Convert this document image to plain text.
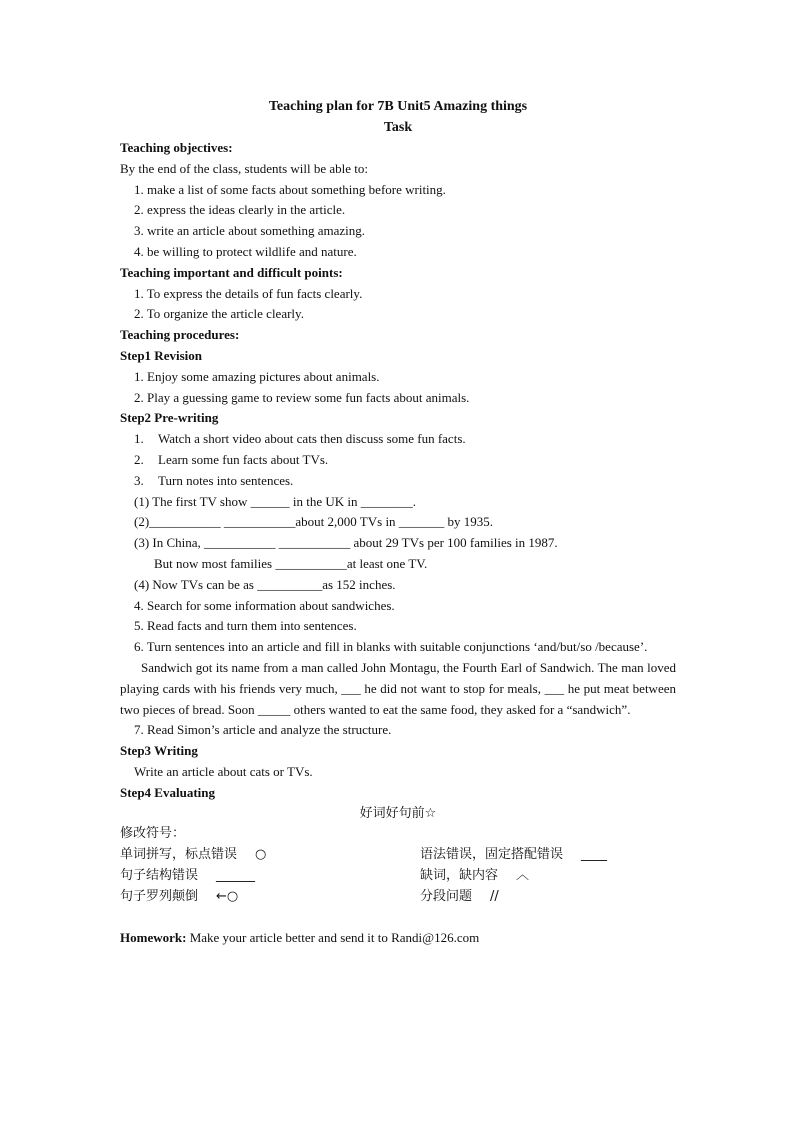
Teaching plan for 7B Unit5 Amazing things
Task
Teaching objectives:
By the end of the class, students will be able to:
1. make a list of some facts about something before writing.
2. express the ideas clearly in the article.
3. write an article about something amazing.
4. be willing to protect wildlife and nature.
Teaching important and difficult points:
1. To express the details of fun facts clearly.
2. To organize the article clearly.
Teaching procedures:
Step1 Revision
1. Enjoy some amazing pictures about animals.
2. Play a guessing game to review some fun facts about animals.
Step2 Pre-writing
1. Watch a short video about cats then discuss some fun facts.
2. Learn some fun facts about TVs.
3. Turn notes into sentences.
(1) The first TV show ______ in the UK in ________.
(2)___________ ___________about 2,000 TVs in _______ by 1935.
(3) In China, ___________ ___________ about 29 TVs per 100 families in 1987.
But now most families ___________at least one TV.
(4) Now TVs can be as __________as 152 inches.
4. Search for some information about sandwiches.
5. Read facts and turn them into sentences.
6. Turn sentences into an article and fill in blanks with suitable conjunctions ‘and/but/so /because’.
Sandwich got its name from a man called John Montagu, the Fourth Earl of Sandwich. The man loved playing cards with his friends very much, ___ he did not want to stop for meals, ___ he put meat between two pieces of bread. Soon _____ others wanted to eat the same food, they asked for a “sandwich”.
7. Read Simon’s article and analyze the structure.
Step3 Writing
Write an article about cats or TVs.
Step4 Evaluating
好词好句前☆
修改符号：
单词拼写，标点错误 ○	语法错误，固定搭配错误 ____
句子结构错误 ______	缺词，缺内容 ︿
句子罗列颠倒 ←○	分段问题 //
Homework: Make your article better and send it to Randi@126.com
